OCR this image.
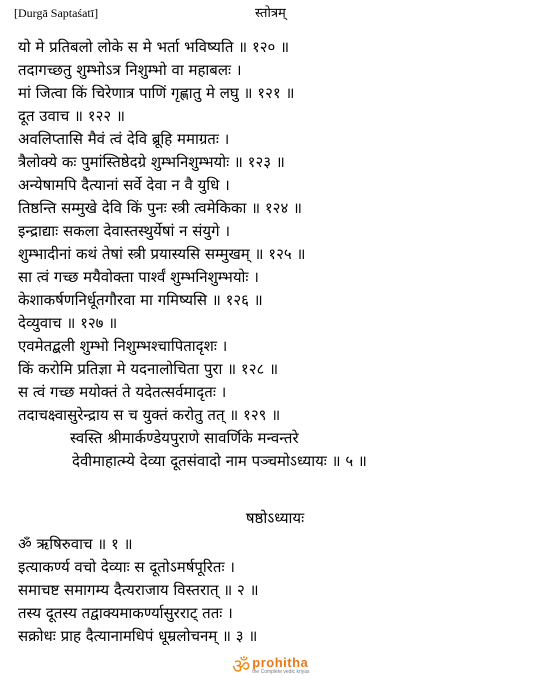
[Durgā Saptaśatī]	स्तोत्रम्
यो मे प्रतिबलो लोके स मे भर्ता भविष्यति ॥ १२० ॥
तदागच्छतु शुम्भोऽत्र निशुम्भो वा महाबलः ।
मां जित्वा किं चिरेणात्र पाणिं गृह्णातु मे लघु ॥ १२१ ॥
दूत उवाच ॥ १२२ ॥
अवलिप्तासि मैवं त्वं देवि ब्रूहि ममाग्रतः ।
त्रैलोक्ये कः पुमांस्तिष्ठेदग्रे शुम्भनिशुम्भयोः ॥ १२३ ॥
अन्येषामपि दैत्यानां सर्वे देवा न वै युधि ।
तिष्ठन्ति सम्मुखे देवि किं पुनः स्त्री त्वमेकिका ॥ १२४ ॥
इन्द्राद्याः सकला देवास्तस्थुर्येषां न संयुगे ।
शुम्भादीनां कथं तेषां स्त्री प्रयास्यसि सम्मुखम् ॥ १२५ ॥
सा त्वं गच्छ मयैवोक्ता पार्श्वं शुम्भनिशुम्भयोः ।
केशाकर्षणनिर्धूतगौरवा मा गमिष्यसि ॥ १२६ ॥
देव्युवाच ॥ १२७ ॥
एवमेतद्बली शुम्भो निशुम्भश्चापितादृशः ।
किं करोमि प्रतिज्ञा मे यदनालोचिता पुरा ॥ १२८ ॥
स त्वं गच्छ मयोक्तं ते यदेतत्सर्वमादृतः ।
तदाचक्ष्वासुरेन्द्राय स च युक्तं करोतु तत् ॥ १२९ ॥
स्वस्ति श्रीमार्कण्डेयपुराणे सावर्णिके मन्वन्तरे
देवीमाहात्म्ये देव्या दूतसंवादो नाम पञ्चमोऽध्यायः ॥ ५ ॥
षष्ठोऽध्यायः
ॐ ऋषिरुवाच ॥ १ ॥
इत्याकर्ण्य वचो देव्याः स दूतोऽमर्षपूरितः ।
समाचष्ट समागम्य दैत्यराजाय विस्तरात् ॥ २ ॥
तस्य दूतस्य तद्वाक्यमाकर्ण्यासुरराट् ततः ।
सक्रोधः प्राह दैत्यानामधिपं धूम्रलोचनम् ॥ ३ ॥
ॐ prohitha
the Complete vedic kriyas
